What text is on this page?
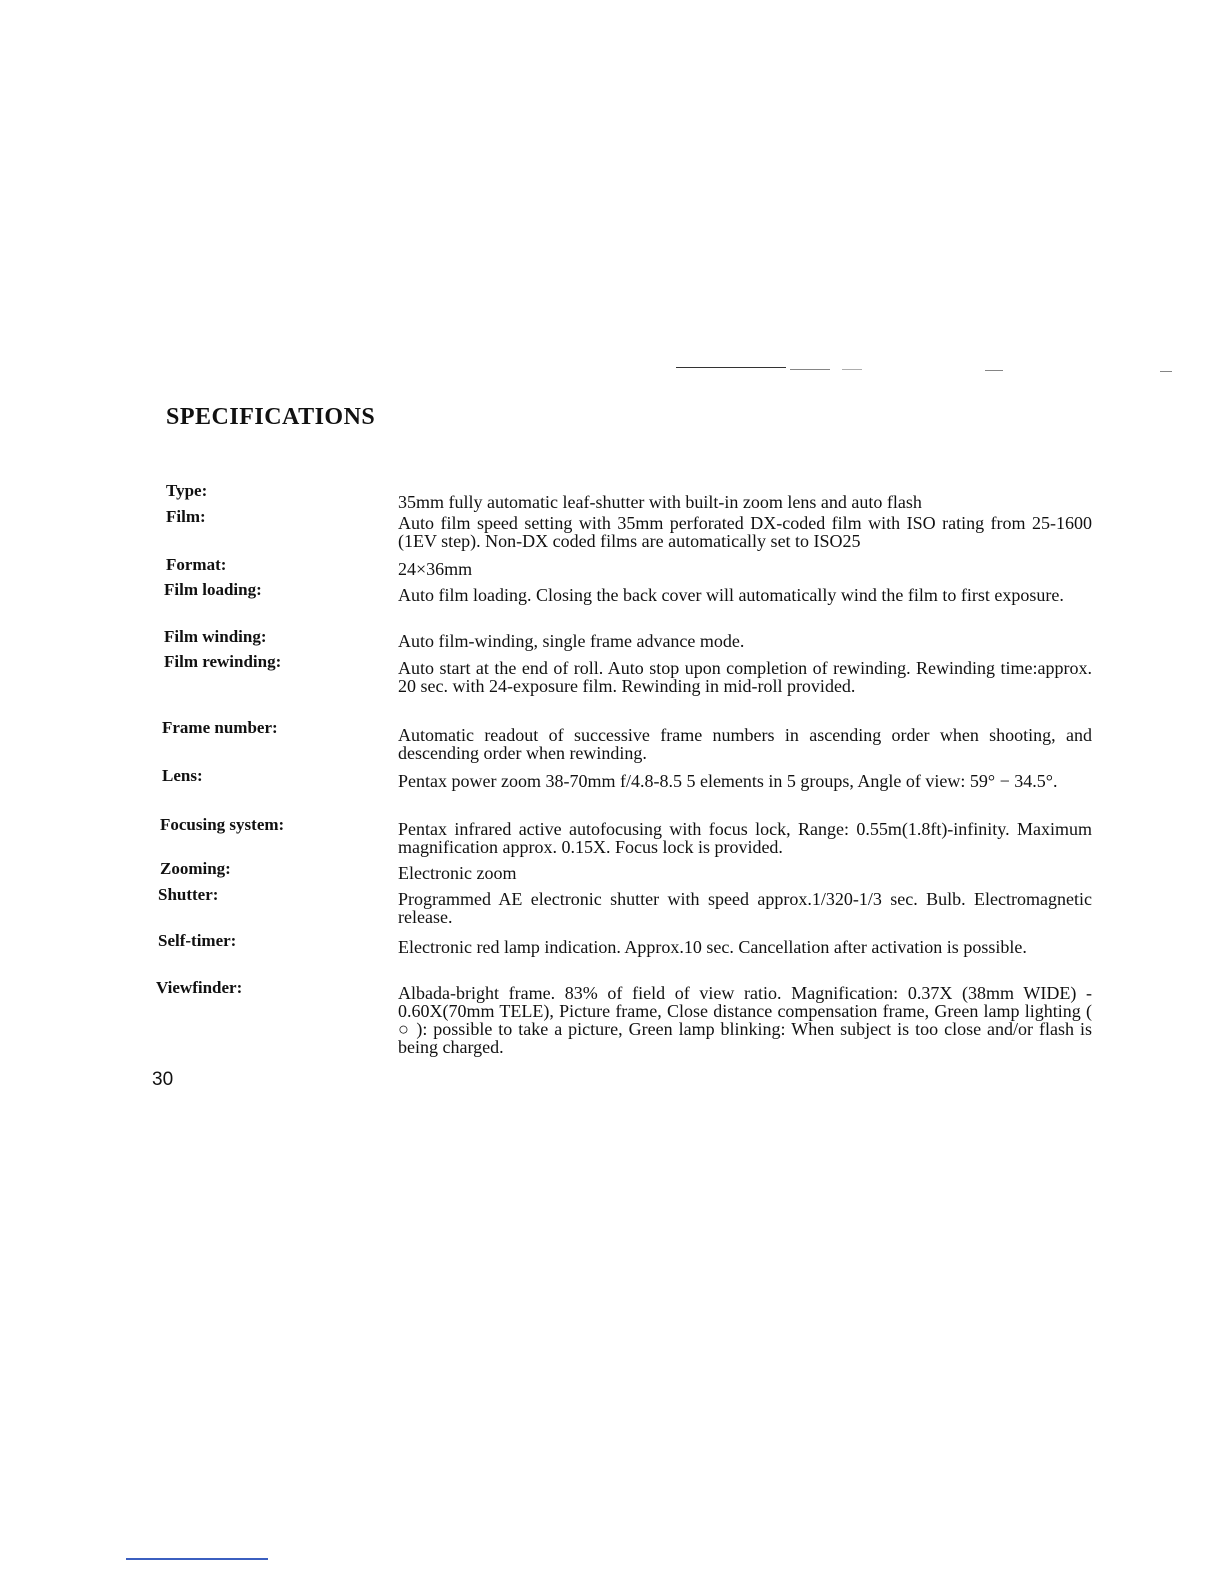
SPECIFICATIONS
Type:
Film:
Format:
Film loading:
Film winding:
Film rewinding:
Frame number:
Lens:
Focusing system:
Zooming:
Shutter:
Self-timer:
Viewfinder:
35mm fully automatic leaf-shutter with built-in zoom lens and auto flash
Auto film speed setting with 35mm perforated DX-coded film with ISO rating from 25-1600 (1EV step). Non-DX coded films are automatically set to ISO25
24×36mm
Auto film loading. Closing the back cover will automatically wind the film to first exposure.
Auto film-winding, single frame advance mode.
Auto start at the end of roll. Auto stop upon completion of rewinding. Rewinding time:approx. 20 sec. with 24-exposure film. Rewinding in mid-roll provided.
Automatic readout of successive frame numbers in ascending order when shooting, and descending order when rewinding.
Pentax power zoom 38-70mm f/4.8-8.5 5 elements in 5 groups, Angle of view: 59° − 34.5°.
Pentax infrared active autofocusing with focus lock, Range: 0.55m(1.8ft)-infinity. Maximum magnification approx. 0.15X. Focus lock is provided.
Electronic zoom
Programmed AE electronic shutter with speed approx.1/320-1/3 sec. Bulb. Electromagnetic release.
Electronic red lamp indication. Approx.10 sec. Cancellation after activation is possible.
Albada-bright frame. 83% of field of view ratio. Magnification: 0.37X (38mm WIDE) - 0.60X(70mm TELE), Picture frame, Close distance compensation frame, Green lamp lighting ( ○ ): possible to take a picture, Green lamp blinking: When subject is too close and/or flash is being charged.
30
